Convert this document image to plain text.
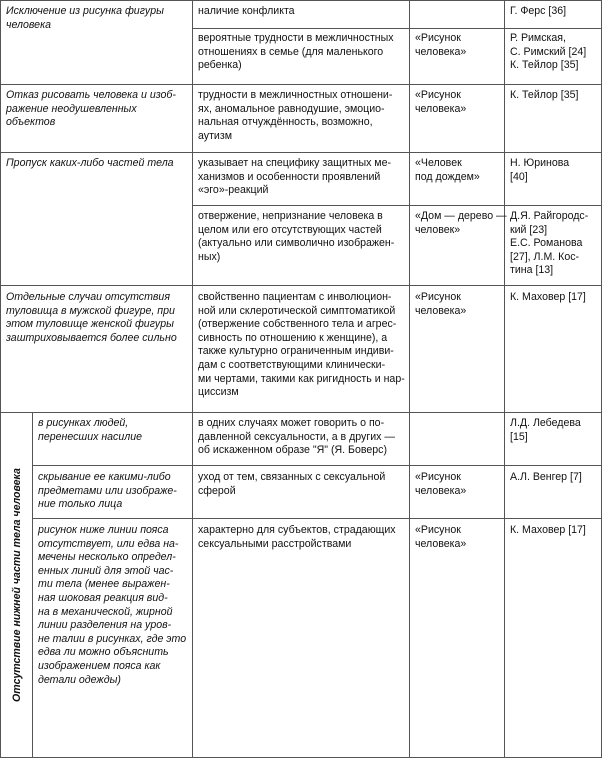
Исключение из рисунка фигуры
человека

наличие конфликта	Г. Ферс [36]

вероятные трудности в межличностных
отношениях в семье (для маленького
ребенка)

«Рисунок
человека»

Р. Римская,
С. Римский [24]
К. Тейлор [35]

Отказ рисовать человека и изоб-
ражение неодушевленных
объектов

трудности в межличностных отношени-
ях, аномальное равнодушие, эмоцио-
нальная отчуждённость, возможно,
аутизм

«Рисунок
человека»

К. Тейлор [35]

Пропуск каких-либо частей тела	указывает на специфику защитных ме-
ханизмов и особенности проявлений
«эго»-реакций

«Человек
под дождем»

Н. Юринова
[40]

отвержение, непризнание человека в
целом или его отсутствующих частей
(актуально или символично изображен-
ных)

«Дом — дерево —
человек»

Д.Я. Райгородс-
кий [23]
Е.С. Романова
[27], Л.М. Кос-
тина [13]

Отдельные случаи отсутствия
туловища в мужской фигуре, при
этом туловище женской фигуры
заштриховывается более сильно

свойственно пациентам с инволюцион-
ной или склеротической симптоматикой
(отвержение собственного тела и агрес-
сивность по отношению к женщине), а
также культурно ограниченным индиви-
дам с соответствующими клинически-
ми чертами, такими как ригидность и нар-
циссизм

«Рисунок
человека»

К. Маховер [17]

Отсутствие нижней части тела человека

в рисунках людей,
перенесших насилие

в одних случаях может говорить о по-
давленной сексуальности, а в других —
об искаженном образе "Я" (Я. Боверс)

Л.Д. Лебедева
[15]

скрывание ее какими-либо
предметами или изображе-
ние только лица

уход от тем, связанных с сексуальной
сферой

«Рисунок
человека»

А.Л. Венгер [7]

рисунок ниже линии пояса
отсутствует, или едва на-
мечены несколько определ-
енных линий для этой час-
ти тела (менее выражен-
ная шоковая реакция вид-
на в механической, жирной
линии разделения на уров-
не талии в рисунках, где это
едва ли можно объяснить
изображением пояса как
детали одежды)

характерно для субъектов, страдающих
сексуальными расстройствами

«Рисунок
человека»

К. Маховер [17]
